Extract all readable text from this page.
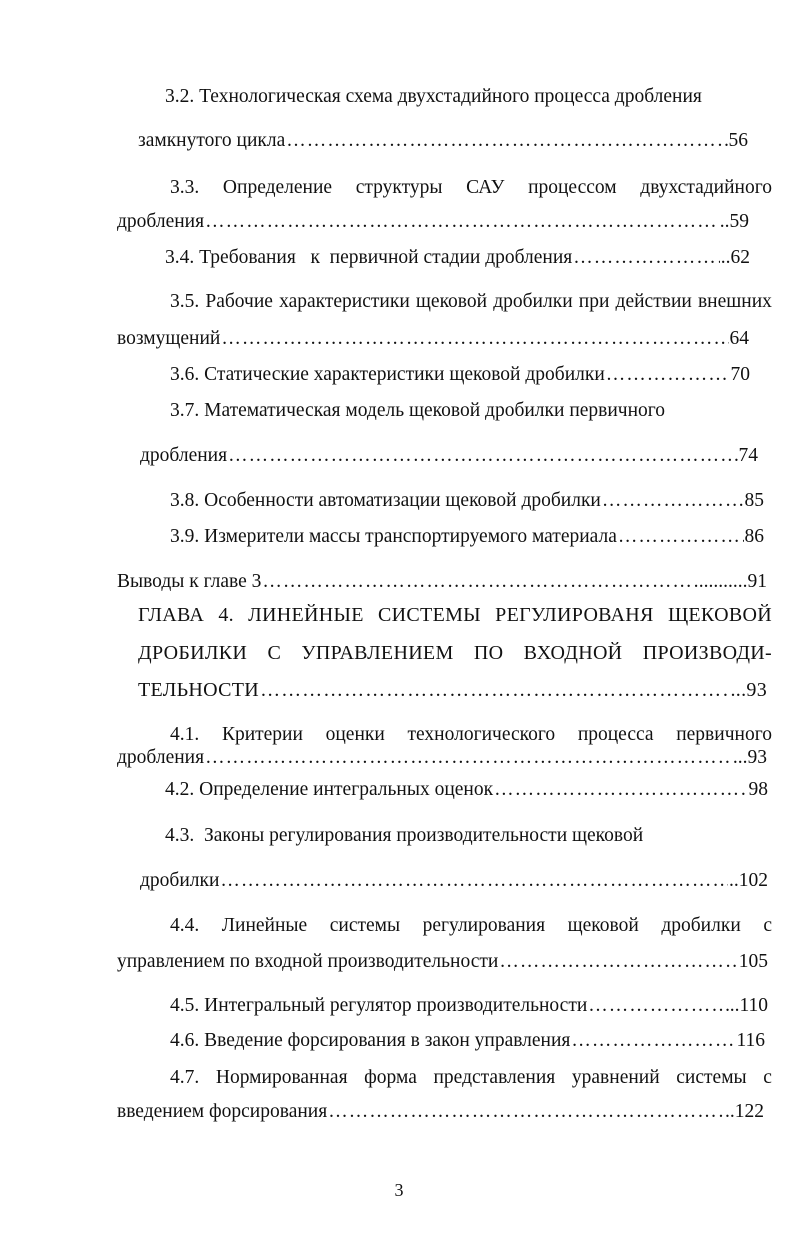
3.2. Технологическая схема двухстадийного процесса дробления
замкнутого цикла ……………………………………………………………………………………………………………………………………………………………………………………………………	56
3.3. Определение структуры САУ процессом двухстадийного
дробления ……………………………………………………………………………………………………………………………………………………………………………………………………	..59
3.4. Требования   к  первичной стадии дробления ……………………………………………………………………………………………………………………………………………………………………………………………………	..62
3.5. Рабочие характеристики щековой дробилки при действии внешних
возмущений ……………………………………………………………………………………………………………………………………………………………………………………………………	64
3.6. Статические характеристики щековой дробилки ……………………………………………………………………………………………………………………………………………………………………………………………………	70
3.7. Математическая модель щековой дробилки первичного
дробления ……………………………………………………………………………………………………………………………………………………………………………………………………	74
3.8. Особенности автоматизации щековой дробилки ……………………………………………………………………………………………………………………………………………………………………………………………………	85
3.9. Измерители массы транспортируемого материала ……………………………………………………………………………………………………………………………………………………………………………………………………	86
Выводы к главе 3 ……………………………………………………………………………………………………………………………………………………………………………………………………	..........91
ГЛАВА 4. ЛИНЕЙНЫЕ СИСТЕМЫ РЕГУЛИРОВАНЯ ЩЕКОВОЙ
ДРОБИЛКИ С УПРАВЛЕНИЕМ ПО ВХОДНОЙ ПРОИЗВОДИ-
ТЕЛЬНОСТИ ……………………………………………………………………………………………………………………………………………………………………………………………………	...93
4.1. Критерии оценки технологического процесса первичного
дробления ……………………………………………………………………………………………………………………………………………………………………………………………………	...93
4.2. Определение интегральных оценок ……………………………………………………………………………………………………………………………………………………………………………………………………	98
4.3.  Законы регулирования производительности щековой
дробилки ……………………………………………………………………………………………………………………………………………………………………………………………………	..102
4.4. Линейные системы регулирования щековой дробилки с
управлением по входной производительности ……………………………………………………………………………………………………………………………………………………………………………………………………	105
4.5. Интегральный регулятор производительности ……………………………………………………………………………………………………………………………………………………………………………………………………	..110
4.6. Введение форсирования в закон управления ……………………………………………………………………………………………………………………………………………………………………………………………………	116
4.7. Нормированная форма представления уравнений системы с
введением форсирования ……………………………………………………………………………………………………………………………………………………………………………………………………	..122
3
